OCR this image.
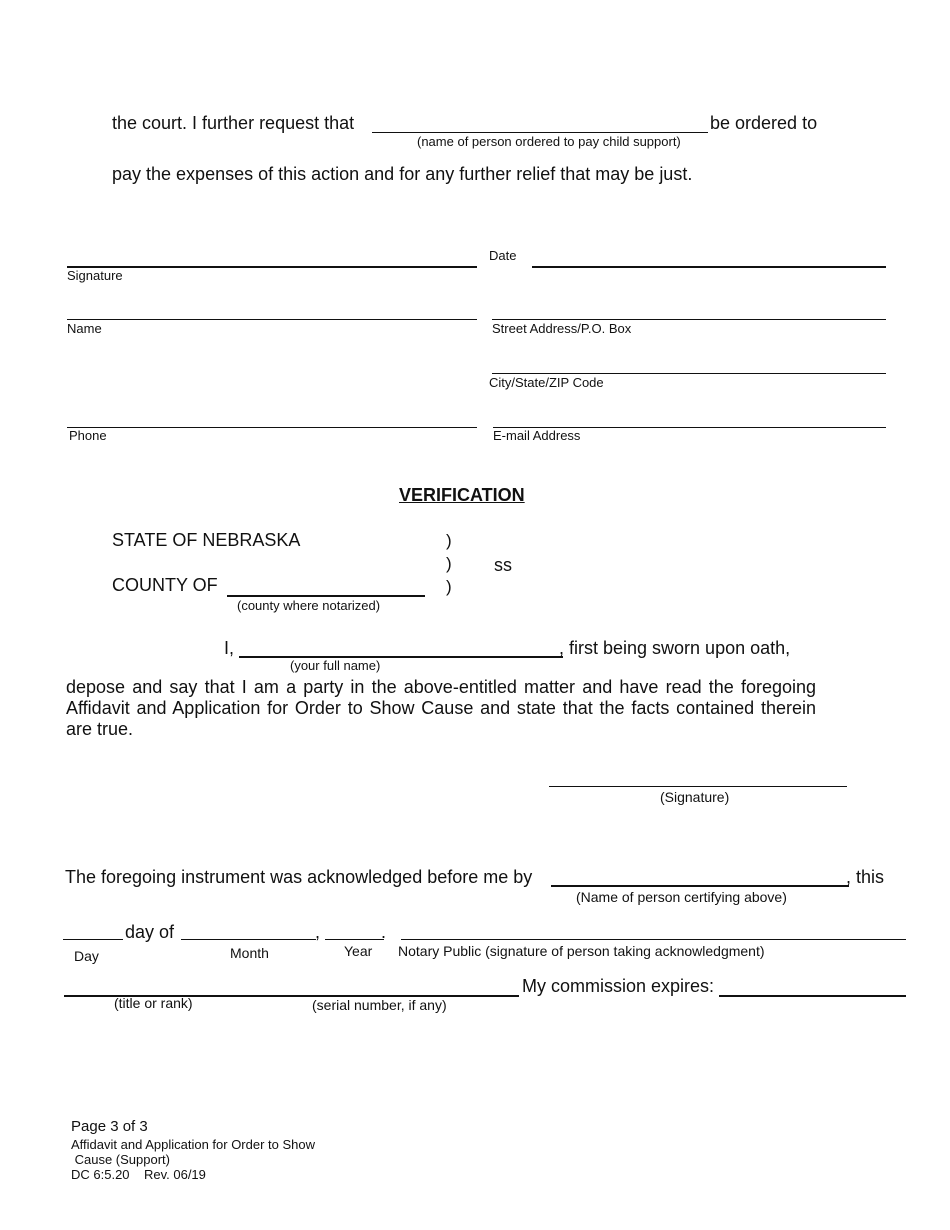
the court. I further request that	be ordered to
(name of person ordered to pay child support)
pay the expenses of this action and for any further relief that may be just.
Date
Signature
Name	Street Address/P.O. Box
City/State/ZIP Code
Phone	E-mail Address
VERIFICATION
STATE OF NEBRASKA	)
)
)
ss
COUNTY OF
(county where notarized)
I,	, first being sworn upon oath,
(your full name)
depose and say that I am a party in the above-entitled matter and have read the foregoing Affidavit and Application for Order to Show Cause and state that the facts contained therein are true.
(Signature)
The foregoing instrument was acknowledged before me by	, this
(Name of person certifying above)
day of	,	.
Day	Month	Year Notary Public (signature of person taking acknowledgment)
My commission expires:
(title or rank)	(serial number, if any)
Page 3 of 3
Affidavit and Application for Order to Show
Cause (Support)
DC 6:5.20    Rev. 06/19
